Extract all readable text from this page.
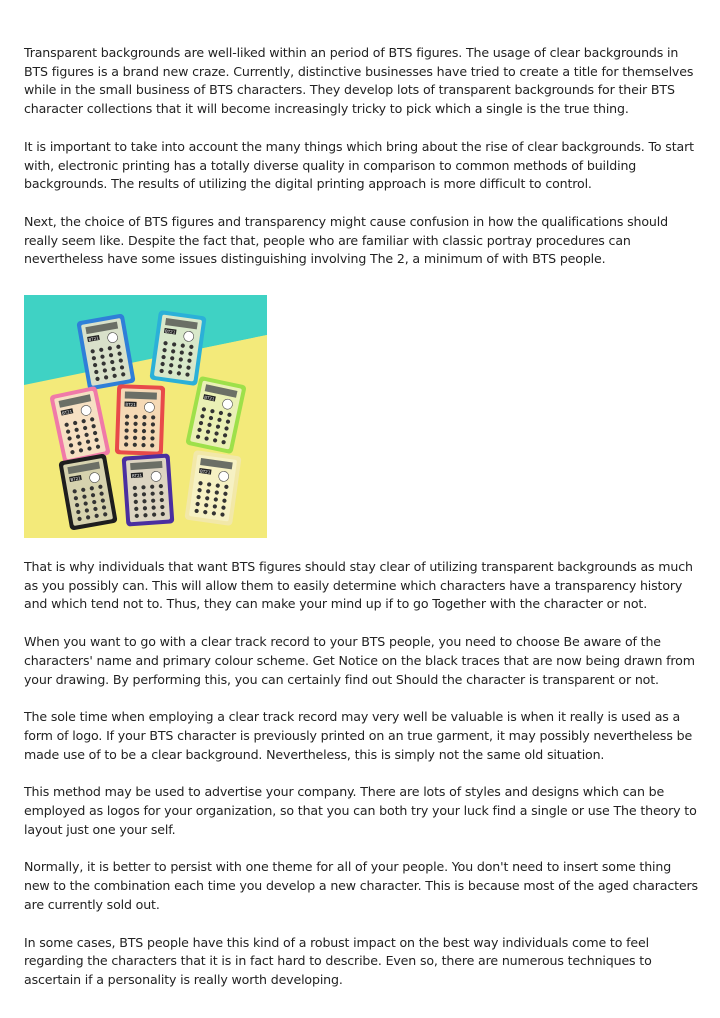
Transparent backgrounds are well-liked within an period of BTS figures. The usage of clear backgrounds in BTS figures is a brand new craze. Currently, distinctive businesses have tried to create a title for themselves while in the small business of BTS characters. They develop lots of transparent backgrounds for their BTS character collections that it will become increasingly tricky to pick which a single is the true thing.

It is important to take into account the many things which bring about the rise of clear backgrounds. To start with, electronic printing has a totally diverse quality in comparison to common methods of building backgrounds. The results of utilizing the digital printing approach is more difficult to control.

Next, the choice of BTS figures and transparency might cause confusion in how the qualifications should really seem like. Despite the fact that, people who are familiar with classic portray procedures can nevertheless have some issues distinguishing involving The 2, a minimum of with BTS people.

BT21
BT21
BT21
BT21
BT21
BT21	BT21
BT21

That is why individuals that want BTS figures should stay clear of utilizing transparent backgrounds as much as you possibly can. This will allow them to easily determine which characters have a transparency history and which tend not to. Thus, they can make your mind up if to go Together with the character or not.

When you want to go with a clear track record to your BTS people, you need to choose Be aware of the characters' name and primary colour scheme. Get Notice on the black traces that are now being drawn from your drawing. By performing this, you can certainly find out Should the character is transparent or not.

The sole time when employing a clear track record may very well be valuable is when it really is used as a form of logo. If your BTS character is previously printed on an true garment, it may possibly nevertheless be made use of to be a clear background. Nevertheless, this is simply not the same old situation.

This method may be used to advertise your company. There are lots of styles and designs which can be employed as logos for your organization, so that you can both try your luck find a single or use The theory to layout just one your self.

Normally, it is better to persist with one theme for all of your people. You don't need to insert some thing new to the combination each time you develop a new character. This is because most of the aged characters are currently sold out.

In some cases, BTS people have this kind of a robust impact on the best way individuals come to feel regarding the characters that it is in fact hard to describe. Even so, there are numerous techniques to ascertain if a personality is really worth developing.
